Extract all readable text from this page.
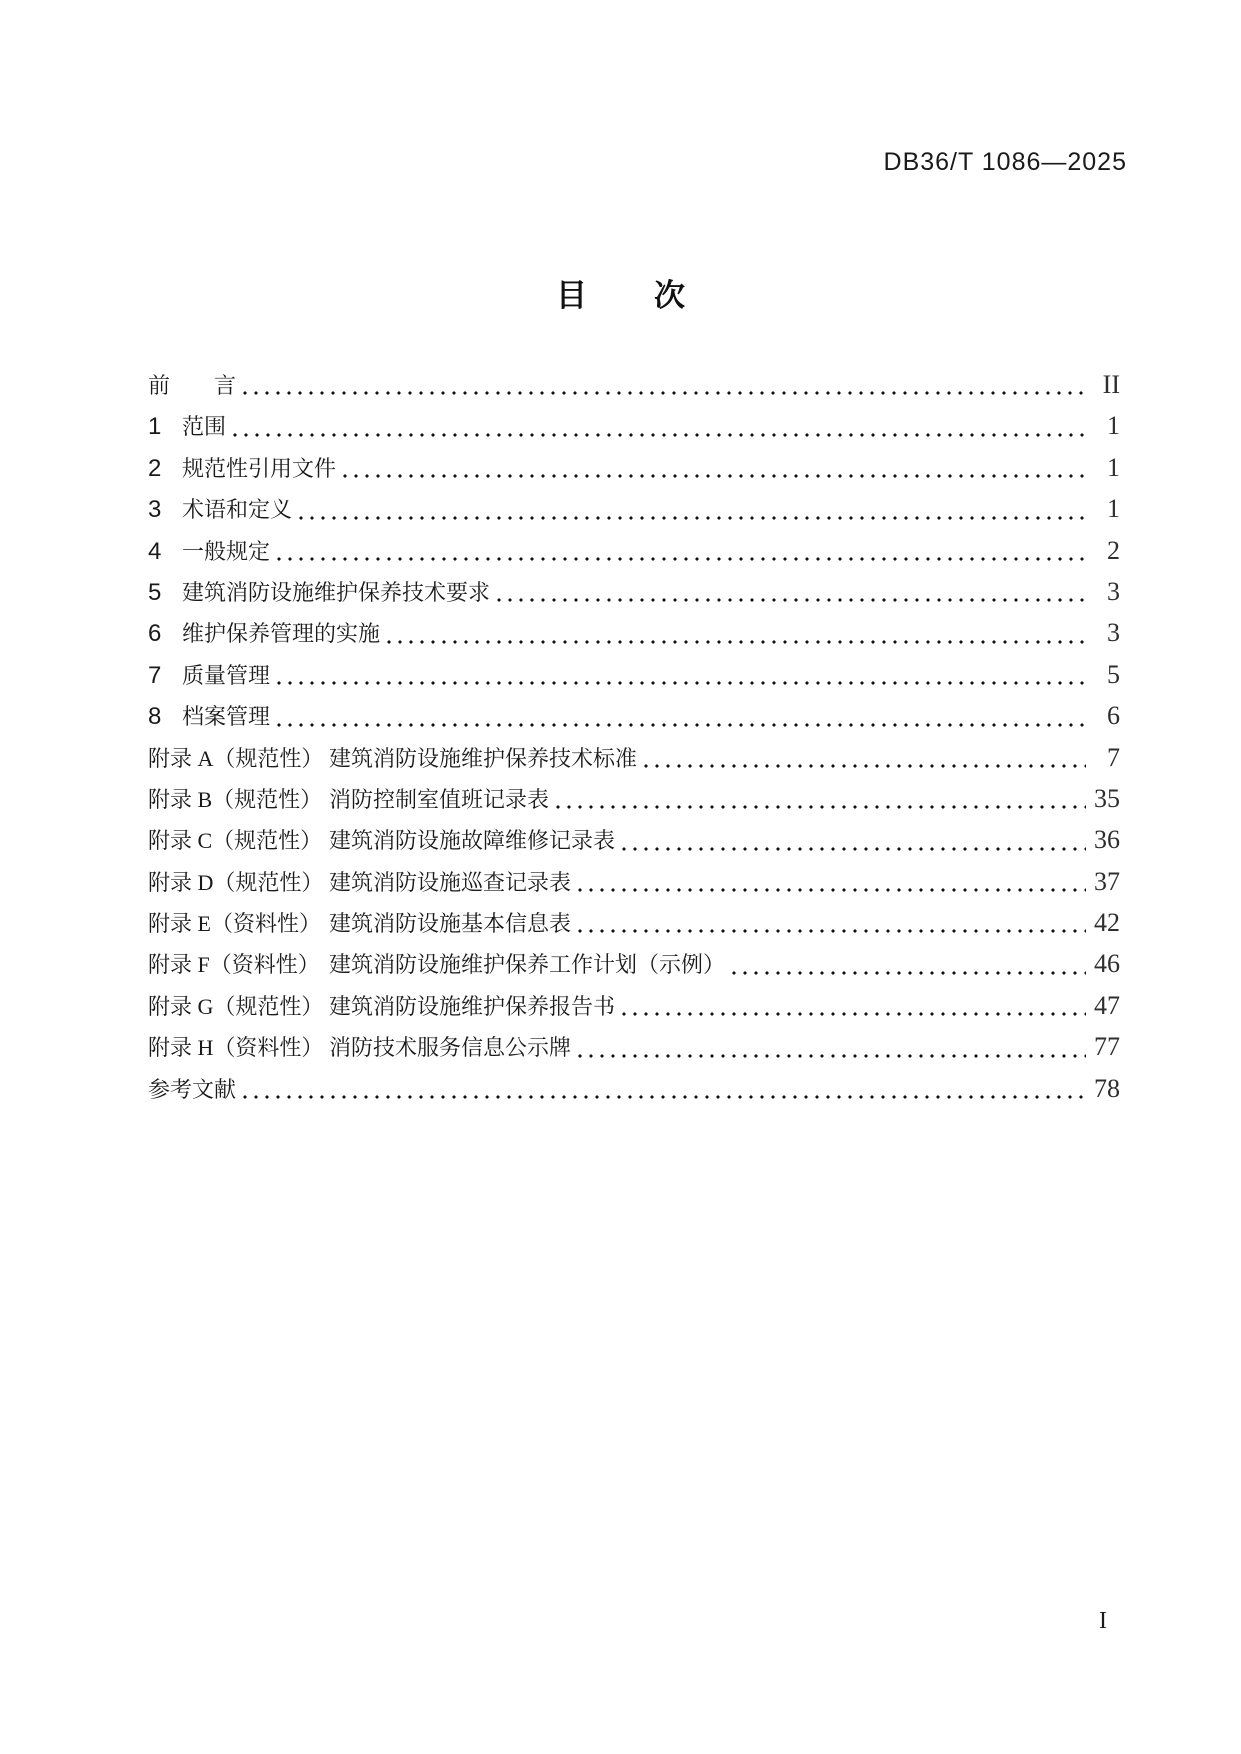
DB36/T 1086—2025
目　次
前　　言	II
1 范围	1
2 规范性引用文件	1
3 术语和定义	1
4 一般规定	2
5 建筑消防设施维护保养技术要求	3
6 维护保养管理的实施	3
7 质量管理	5
8 档案管理	6
附录 A（规范性） 建筑消防设施维护保养技术标准	7
附录 B（规范性） 消防控制室值班记录表	35
附录 C（规范性） 建筑消防设施故障维修记录表	36
附录 D（规范性） 建筑消防设施巡查记录表	37
附录 E（资料性） 建筑消防设施基本信息表	42
附录 F（资料性） 建筑消防设施维护保养工作计划（示例）	46
附录 G（规范性） 建筑消防设施维护保养报告书	47
附录 H（资料性） 消防技术服务信息公示牌	77
参考文献	78
I
